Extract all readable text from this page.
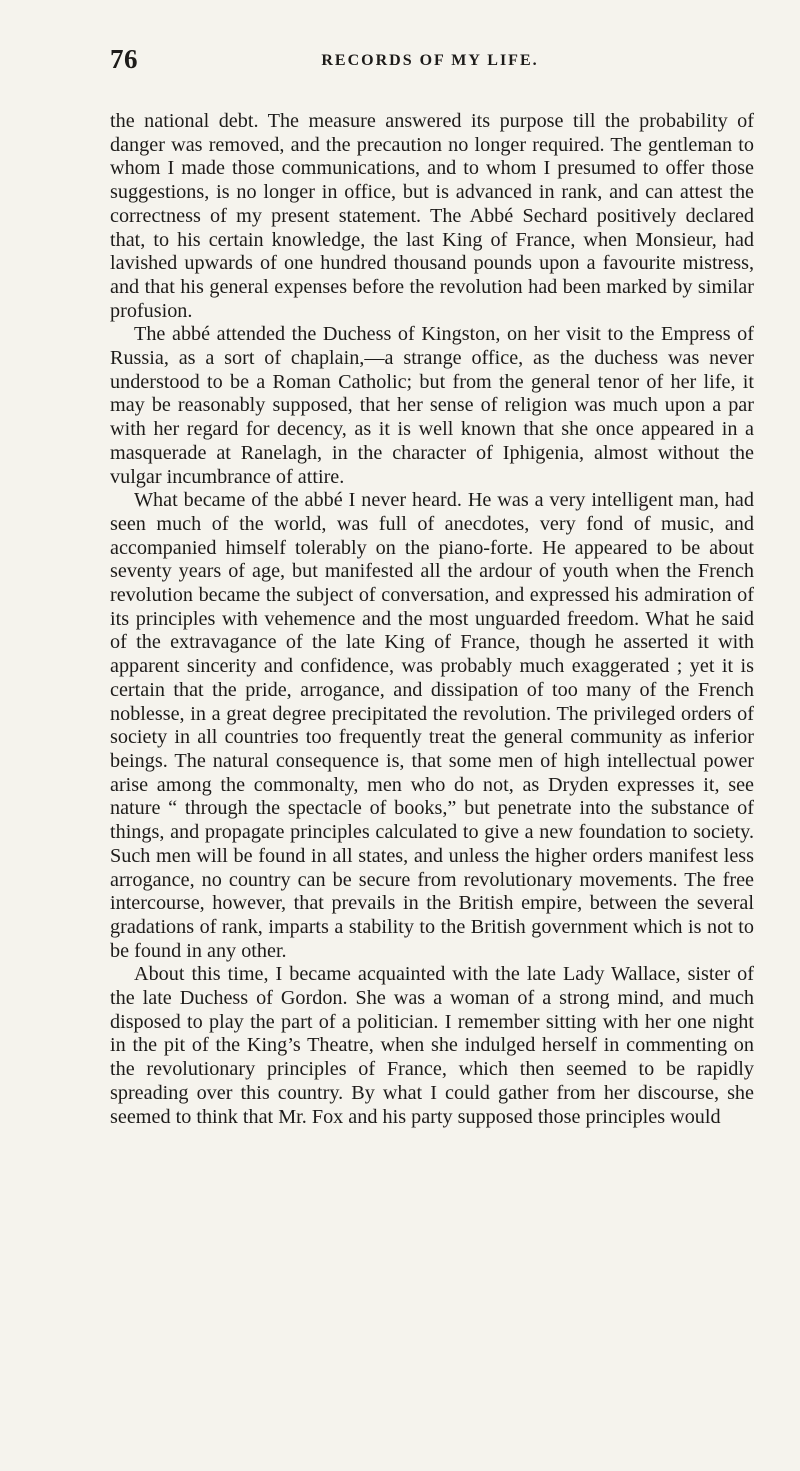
76	RECORDS OF MY LIFE.

the national debt. The measure answered its purpose till the probability of danger was removed, and the precaution no longer required. The gentleman to whom I made those communications, and to whom I presumed to offer those suggestions, is no longer in office, but is advanced in rank, and can attest the correctness of my present statement. The Abbé Sechard positively declared that, to his certain knowledge, the last King of France, when Monsieur, had lavished upwards of one hundred thousand pounds upon a favourite mistress, and that his general expenses before the revolution had been marked by similar profusion.

The abbé attended the Duchess of Kingston, on her visit to the Empress of Russia, as a sort of chaplain,—a strange office, as the duchess was never understood to be a Roman Catholic; but from the general tenor of her life, it may be reasonably supposed, that her sense of religion was much upon a par with her regard for decency, as it is well known that she once appeared in a masquerade at Ranelagh, in the character of Iphigenia, almost without the vulgar incumbrance of attire.

What became of the abbé I never heard. He was a very intelligent man, had seen much of the world, was full of anecdotes, very fond of music, and accompanied himself tolerably on the piano-forte. He appeared to be about seventy years of age, but manifested all the ardour of youth when the French revolution became the subject of conversation, and expressed his admiration of its principles with vehemence and the most unguarded freedom. What he said of the extravagance of the late King of France, though he asserted it with apparent sincerity and confidence, was probably much exaggerated ; yet it is certain that the pride, arrogance, and dissipation of too many of the French noblesse, in a great degree precipitated the revolution. The privileged orders of society in all countries too frequently treat the general community as inferior beings. The natural consequence is, that some men of high intellectual power arise among the commonalty, men who do not, as Dryden expresses it, see nature “ through the spectacle of books,” but penetrate into the substance of things, and propagate principles calculated to give a new foundation to society. Such men will be found in all states, and unless the higher orders manifest less arrogance, no country can be secure from revolutionary movements. The free intercourse, however, that prevails in the British empire, between the several gradations of rank, imparts a stability to the British government which is not to be found in any other.

About this time, I became acquainted with the late Lady Wallace, sister of the late Duchess of Gordon. She was a woman of a strong mind, and much disposed to play the part of a politician. I remember sitting with her one night in the pit of the King’s Theatre, when she indulged herself in commenting on the revolutionary principles of France, which then seemed to be rapidly spreading over this country. By what I could gather from her discourse, she seemed to think that Mr. Fox and his party supposed those principles would
